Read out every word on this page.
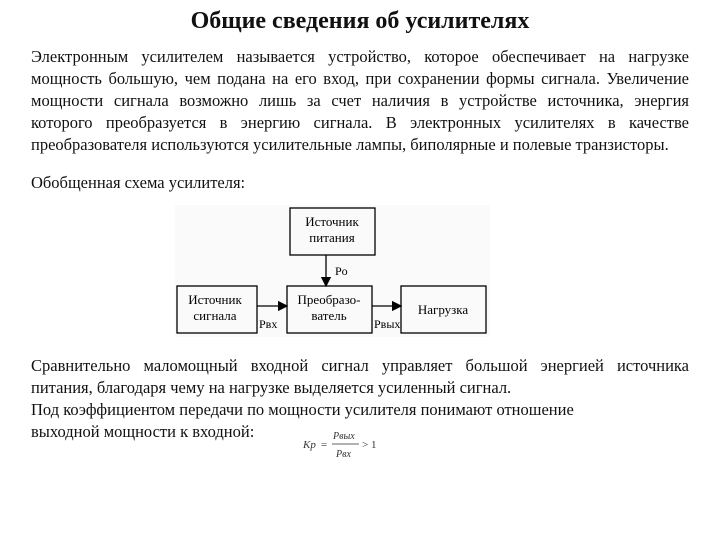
Общие сведения об усилителях

Электронным усилителем называется устройство, которое обеспечивает на нагрузке мощность большую, чем подана на его вход, при сохранении формы сигнала. Увеличение мощности сигнала возможно лишь за счет наличия в устройстве источника, энергия которого преобразуется в энергию сигнала. В электронных усилителях в качестве преобразователя используются усилительные лампы, биполярные и полевые транзисторы.

Обобщенная схема усилителя:

Источник
питания
Pо
Источник
сигнала
Pвх
Преобразо-
ватель
Pвых
Нагрузка

Сравнительно маломощный входной сигнал управляет большой энергией источника питания, благодаря чему на нагрузке выделяется усиленный сигнал.

Под коэффициентом передачи по мощности усилителя понимают отношение

выходной мощности к входной:

Kp =
Pвых
Pвх
> 1
